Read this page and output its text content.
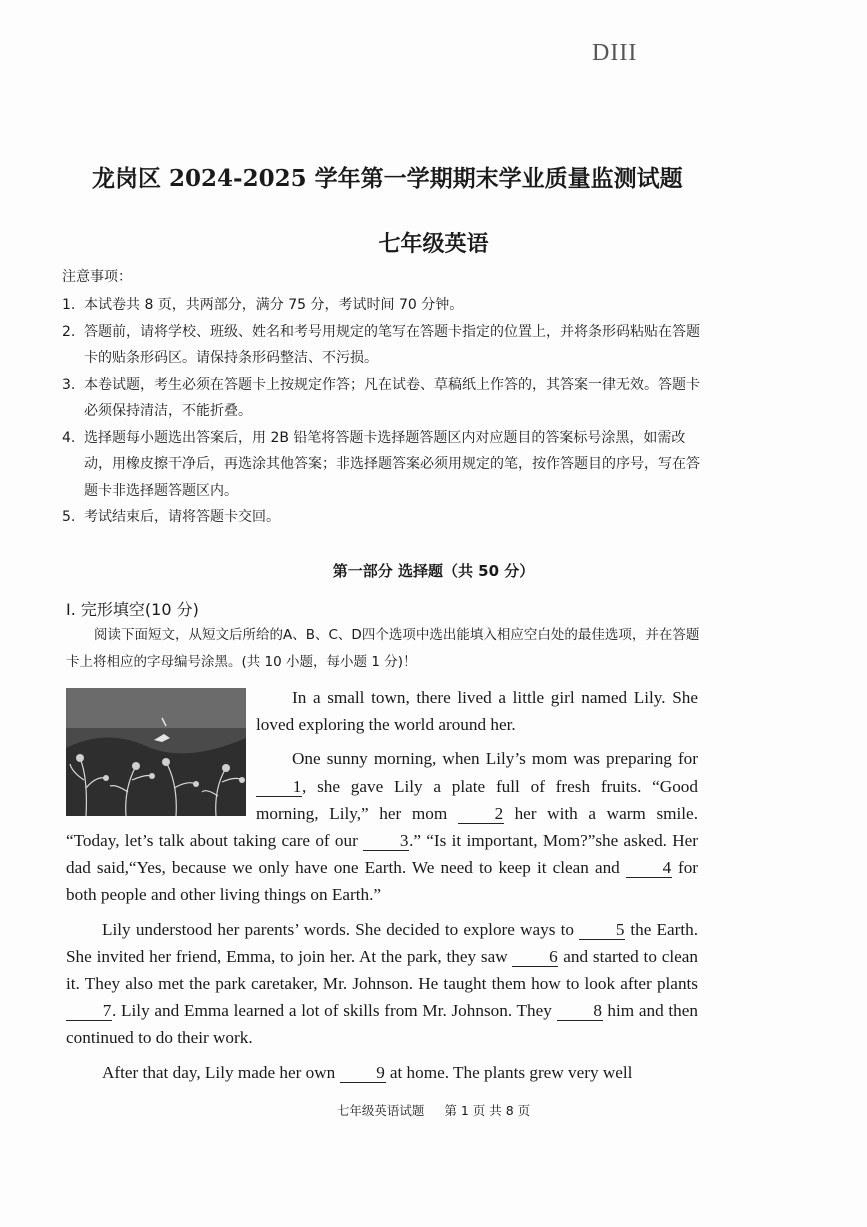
DIII
龙岗区 2024-2025 学年第一学期期末学业质量监测试题
七年级英语
注意事项：
1. 本试卷共 8 页，共两部分，满分 75 分，考试时间 70 分钟。
2. 答题前，请将学校、班级、姓名和考号用规定的笔写在答题卡指定的位置上，并将条形码粘贴在答题卡的贴条形码区。请保持条形码整洁、不污损。
3. 本卷试题，考生必须在答题卡上按规定作答；凡在试卷、草稿纸上作答的，其答案一律无效。答题卡必须保持清洁，不能折叠。
4. 选择题每小题选出答案后，用 2B 铅笔将答题卡选择题答题区内对应题目的答案标号涂黑，如需改动，用橡皮擦干净后，再选涂其他答案；非选择题答案必须用规定的笔，按作答题目的序号，写在答题卡非选择题答题区内。
5. 考试结束后，请将答题卡交回。
第一部分 选择题（共 50 分）
I. 完形填空(10 分)
阅读下面短文，从短文后所给的A、B、C、D四个选项中选出能填入相应空白处的最佳选项，并在答题卡上将相应的字母编号涂黑。(共 10 小题，每小题 1 分)！

In a small town, there lived a little girl named Lily. She loved exploring the world around her.

One sunny morning, when Lily’s mom was preparing for 1, she gave Lily a plate full of fresh fruits. “Good morning, Lily,” her mom	2 her with a warm smile. “Today, let’s talk about taking care of our 3.” “Is it important, Mom?”she asked. Her dad said,“Yes, because we only have one Earth. We need to keep it clean and 4 for both people and other living things on Earth.”

Lily understood her parents’ words. She decided to explore ways to 5 the Earth. She invited her friend, Emma, to join her. At the park, they saw 6 and started to clean it. They also met the park caretaker, Mr. Johnson. He taught them how to look after plants 7. Lily and Emma learned a lot of skills from Mr. Johnson. They 8 him and then continued to do their work.

After that day, Lily made her own 9 at home. The plants grew very well

七年级英语试题 第 1 页 共 8 页
